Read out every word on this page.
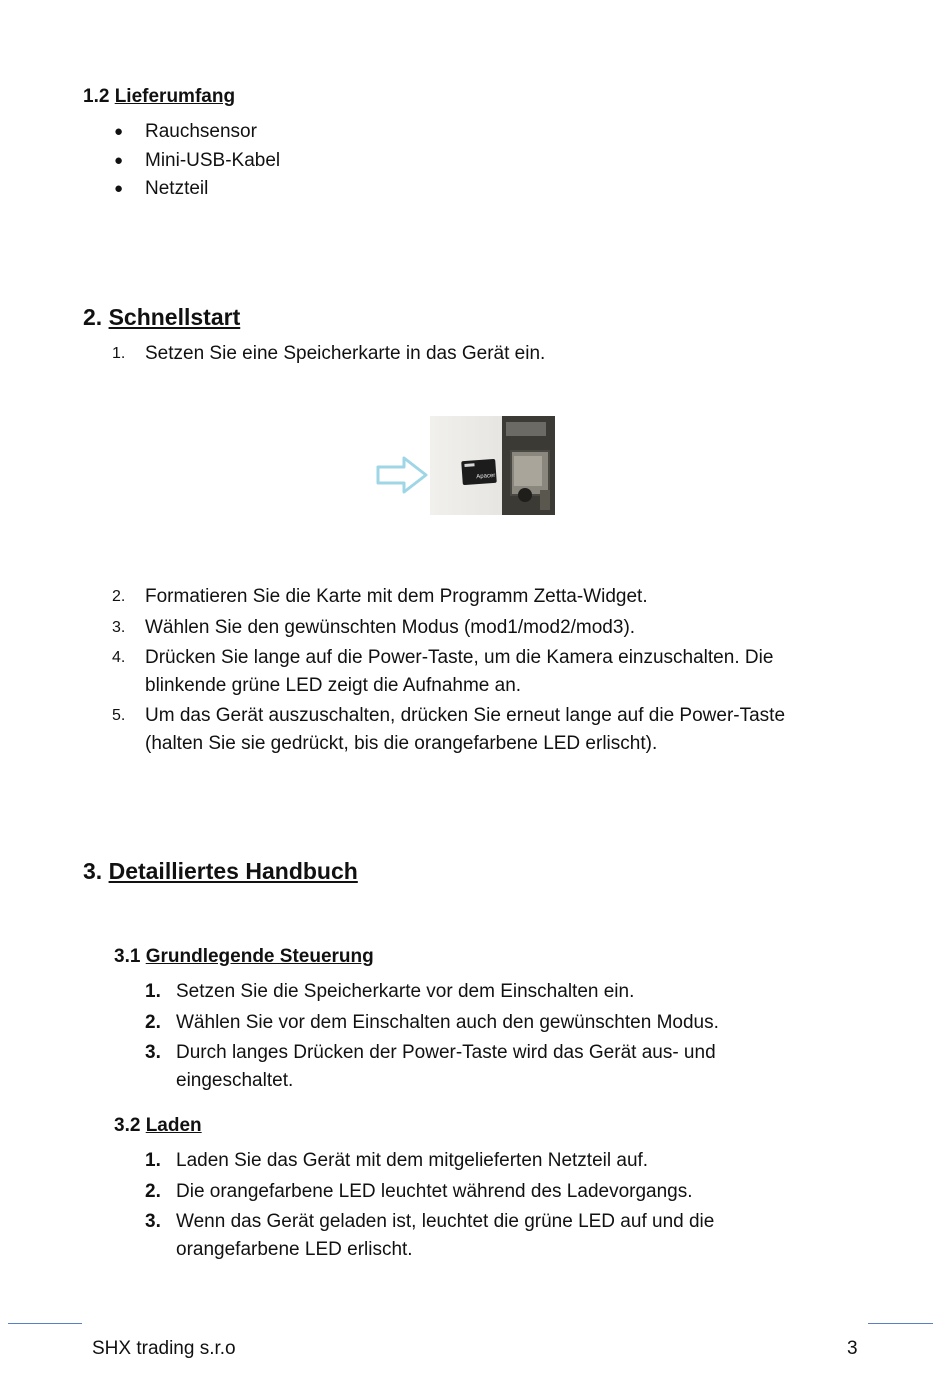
1.2 Lieferumfang
● Rauchsensor
● Mini-USB-Kabel
● Netzteil
2. Schnellstart
1. Setzen Sie eine Speicherkarte in das Gerät ein.
Apacer
2. Formatieren Sie die Karte mit dem Programm Zetta-Widget.
3. Wählen Sie den gewünschten Modus (mod1/mod2/mod3).
4. Drücken Sie lange auf die Power-Taste, um die Kamera einzuschalten. Die
blinkende grüne LED zeigt die Aufnahme an.
5. Um das Gerät auszuschalten, drücken Sie erneut lange auf die Power-Taste
(halten Sie sie gedrückt, bis die orangefarbene LED erlischt).
3. Detailliertes Handbuch
3.1 Grundlegende Steuerung
1. Setzen Sie die Speicherkarte vor dem Einschalten ein.
2. Wählen Sie vor dem Einschalten auch den gewünschten Modus.
3. Durch langes Drücken der Power-Taste wird das Gerät aus- und
eingeschaltet.
3.2 Laden
1. Laden Sie das Gerät mit dem mitgelieferten Netzteil auf.
2. Die orangefarbene LED leuchtet während des Ladevorgangs.
3. Wenn das Gerät geladen ist, leuchtet die grüne LED auf und die
orangefarbene LED erlischt.
SHX trading s.r.o	3
